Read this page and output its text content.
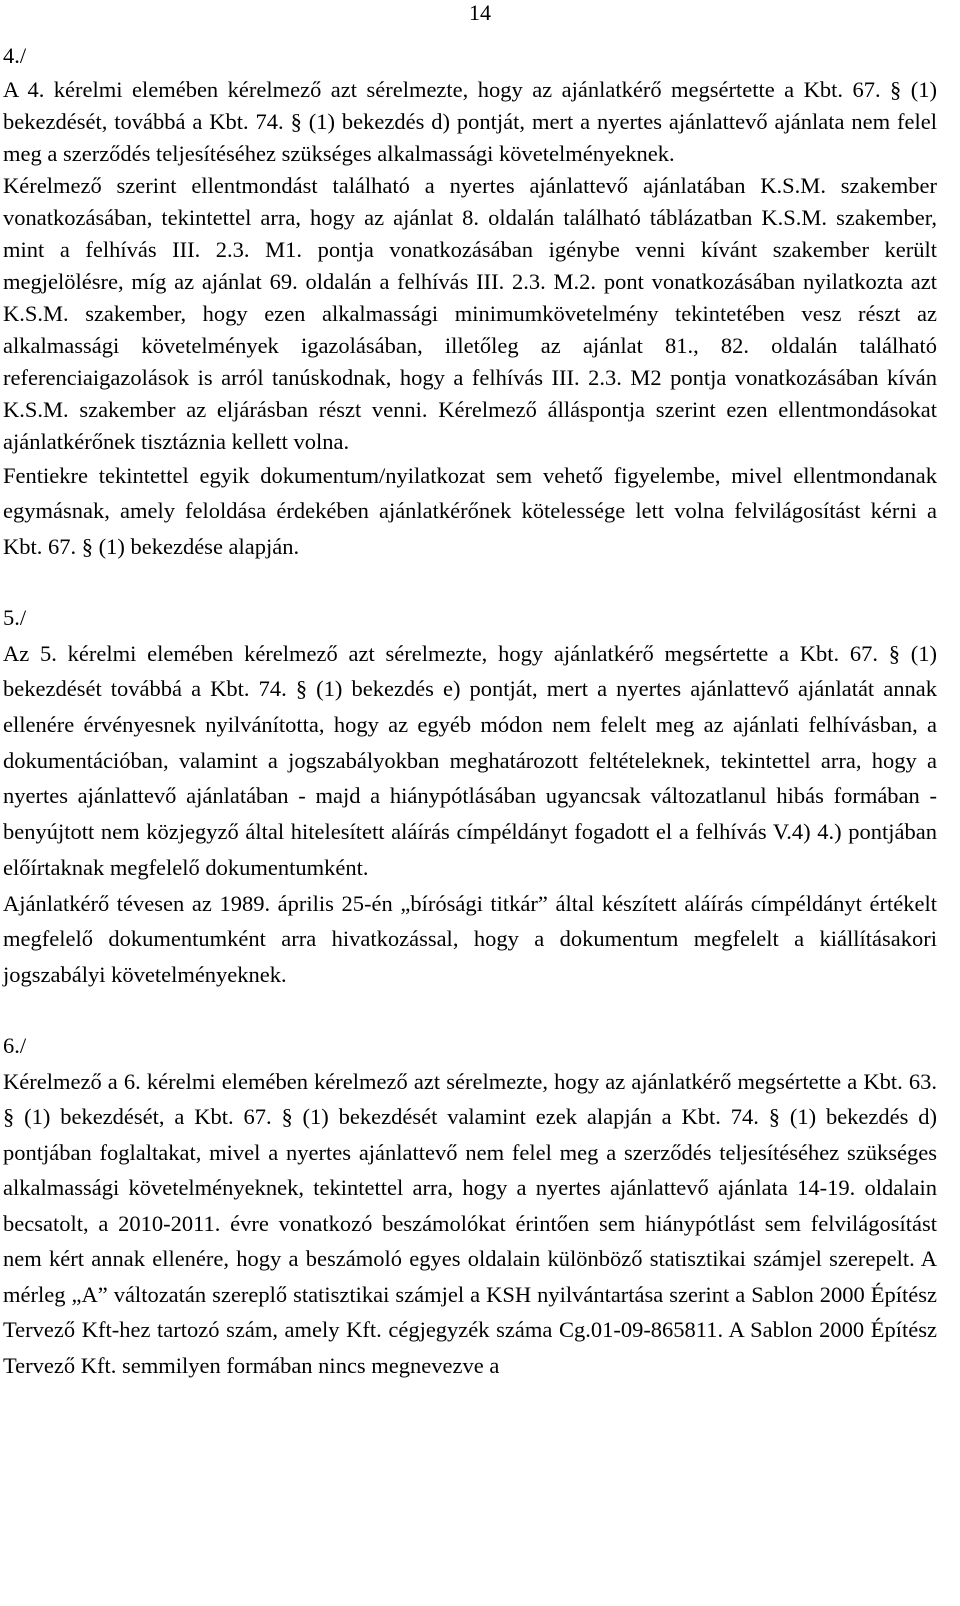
14

4./

A 4. kérelmi elemében kérelmező azt sérelmezte, hogy az ajánlatkérő megsértette a Kbt. 67. § (1) bekezdését, továbbá a Kbt. 74. § (1) bekezdés d) pontját, mert a nyertes ajánlattevő ajánlata nem felel meg a szerződés teljesítéséhez szükséges alkalmassági követelményeknek.

Kérelmező szerint ellentmondást található a nyertes ajánlattevő ajánlatában K.S.M. szakember vonatkozásában, tekintettel arra, hogy az ajánlat 8. oldalán található táblázatban K.S.M. szakember, mint a felhívás III. 2.3. M1. pontja vonatkozásában igénybe venni kívánt szakember került megjelölésre, míg az ajánlat 69. oldalán a felhívás III. 2.3. M.2. pont vonatkozásában nyilatkozta azt K.S.M. szakember, hogy ezen alkalmassági minimumkövetelmény tekintetében vesz részt az alkalmassági követelmények igazolásában, illetőleg az ajánlat 81., 82. oldalán található referenciaigazolások is arról tanúskodnak, hogy a felhívás III. 2.3. M2 pontja vonatkozásában kíván K.S.M. szakember az eljárásban részt venni. Kérelmező álláspontja szerint ezen ellentmondásokat ajánlatkérőnek tisztáznia kellett volna.

Fentiekre tekintettel egyik dokumentum/nyilatkozat sem vehető figyelembe, mivel ellentmondanak egymásnak, amely feloldása érdekében ajánlatkérőnek kötelessége lett volna felvilágosítást kérni a Kbt. 67. § (1) bekezdése alapján.

5./

Az 5. kérelmi elemében kérelmező azt sérelmezte, hogy ajánlatkérő megsértette a Kbt. 67. § (1) bekezdését továbbá a Kbt. 74. § (1) bekezdés e) pontját, mert a nyertes ajánlattevő ajánlatát annak ellenére érvényesnek nyilvánította, hogy az egyéb módon nem felelt meg az ajánlati felhívásban, a dokumentációban, valamint a jogszabályokban meghatározott feltételeknek, tekintettel arra, hogy a nyertes ajánlattevő ajánlatában - majd a hiánypótlásában ugyancsak változatlanul hibás formában - benyújtott nem közjegyző által hitelesített aláírás címpéldányt fogadott el a felhívás V.4) 4.) pontjában előírtaknak megfelelő dokumentumként.

Ajánlatkérő tévesen az 1989. április 25-én „bírósági titkár” által készített aláírás címpéldányt értékelt megfelelő dokumentumként arra hivatkozással, hogy a dokumentum megfelelt a kiállításakori jogszabályi követelményeknek.

6./

Kérelmező a 6. kérelmi elemében kérelmező azt sérelmezte, hogy az ajánlatkérő megsértette a Kbt. 63. § (1) bekezdését, a Kbt. 67. § (1) bekezdését valamint ezek alapján a Kbt. 74. § (1) bekezdés d) pontjában foglaltakat, mivel a nyertes ajánlattevő nem felel meg a szerződés teljesítéséhez szükséges alkalmassági követelményeknek, tekintettel arra, hogy a nyertes ajánlattevő ajánlata 14-19. oldalain becsatolt, a 2010-2011. évre vonatkozó beszámolókat érintően sem hiánypótlást sem felvilágosítást nem kért annak ellenére, hogy a beszámoló egyes oldalain különböző statisztikai számjel szerepelt. A mérleg „A” változatán szereplő statisztikai számjel a KSH nyilvántartása szerint a Sablon 2000 Építész Tervező Kft-hez tartozó szám, amely Kft. cégjegyzék száma Cg.01-09-865811. A Sablon 2000 Építész Tervező Kft. semmilyen formában nincs megnevezve a
